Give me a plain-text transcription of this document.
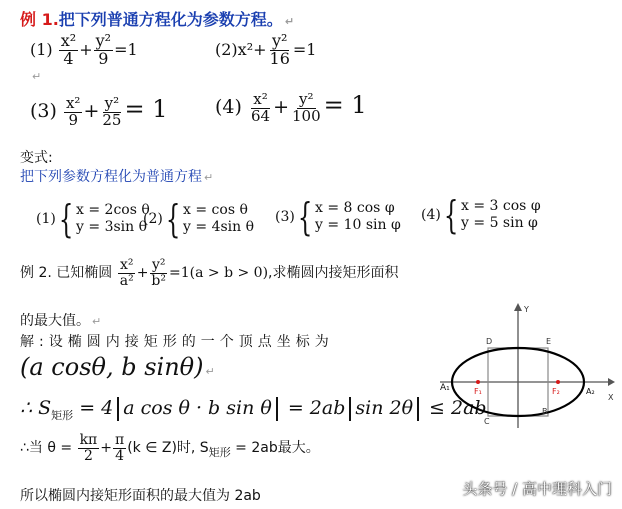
例 1.把下列普通方程化为参数方程。 ↵
$(1) \frac{\text{x²}}{4} + \frac{\text{y²}}{9} =1$	$(2)x^2+ \frac{\text{y²}}{16} =1$
↵
$(3) \frac{\text{x²}}{9} + \frac{\text{y²}}{25} = 1$	$(4) \frac{\text{x²}}{64} + \frac{\text{y²}}{100} = 1$
变式:
把下列参数方程化为普通方程 ↵
(1) { x = 2cos θ
y = 3sin θ
(2) { x = cos θ
y = 4sin θ
(3) { x = 8 cos φ
y = 10 sin φ
(4) { x = 3 cos φ
y = 5 sin φ
例 2. 已知椭圆 $\frac{\text{x²}}{\text{a²}} + \frac{\text{y²}}{\text{b²}} =1(a > b > 0)$,求椭圆内接矩形面积
的最大值。 ↵
解:设椭圆内接矩形的一个顶点坐标为
(a cosθ, b sinθ) ↵
∴ $S_{矩形} = 4$ a cos θ · b sin θ = 2ab sin 2θ ≤ 2ab
∴当 $\theta = \frac{k\pi}{2} + \frac{\pi}{4} (k$ ∈ Z)时, $S_{矩形} = 2ab$最大。
所以椭圆内接矩形面积的最大值为 2ab
X
Y
A₁	F₁	F₂	A₂
D	E
C
B
头条号 / 高中理科入门
